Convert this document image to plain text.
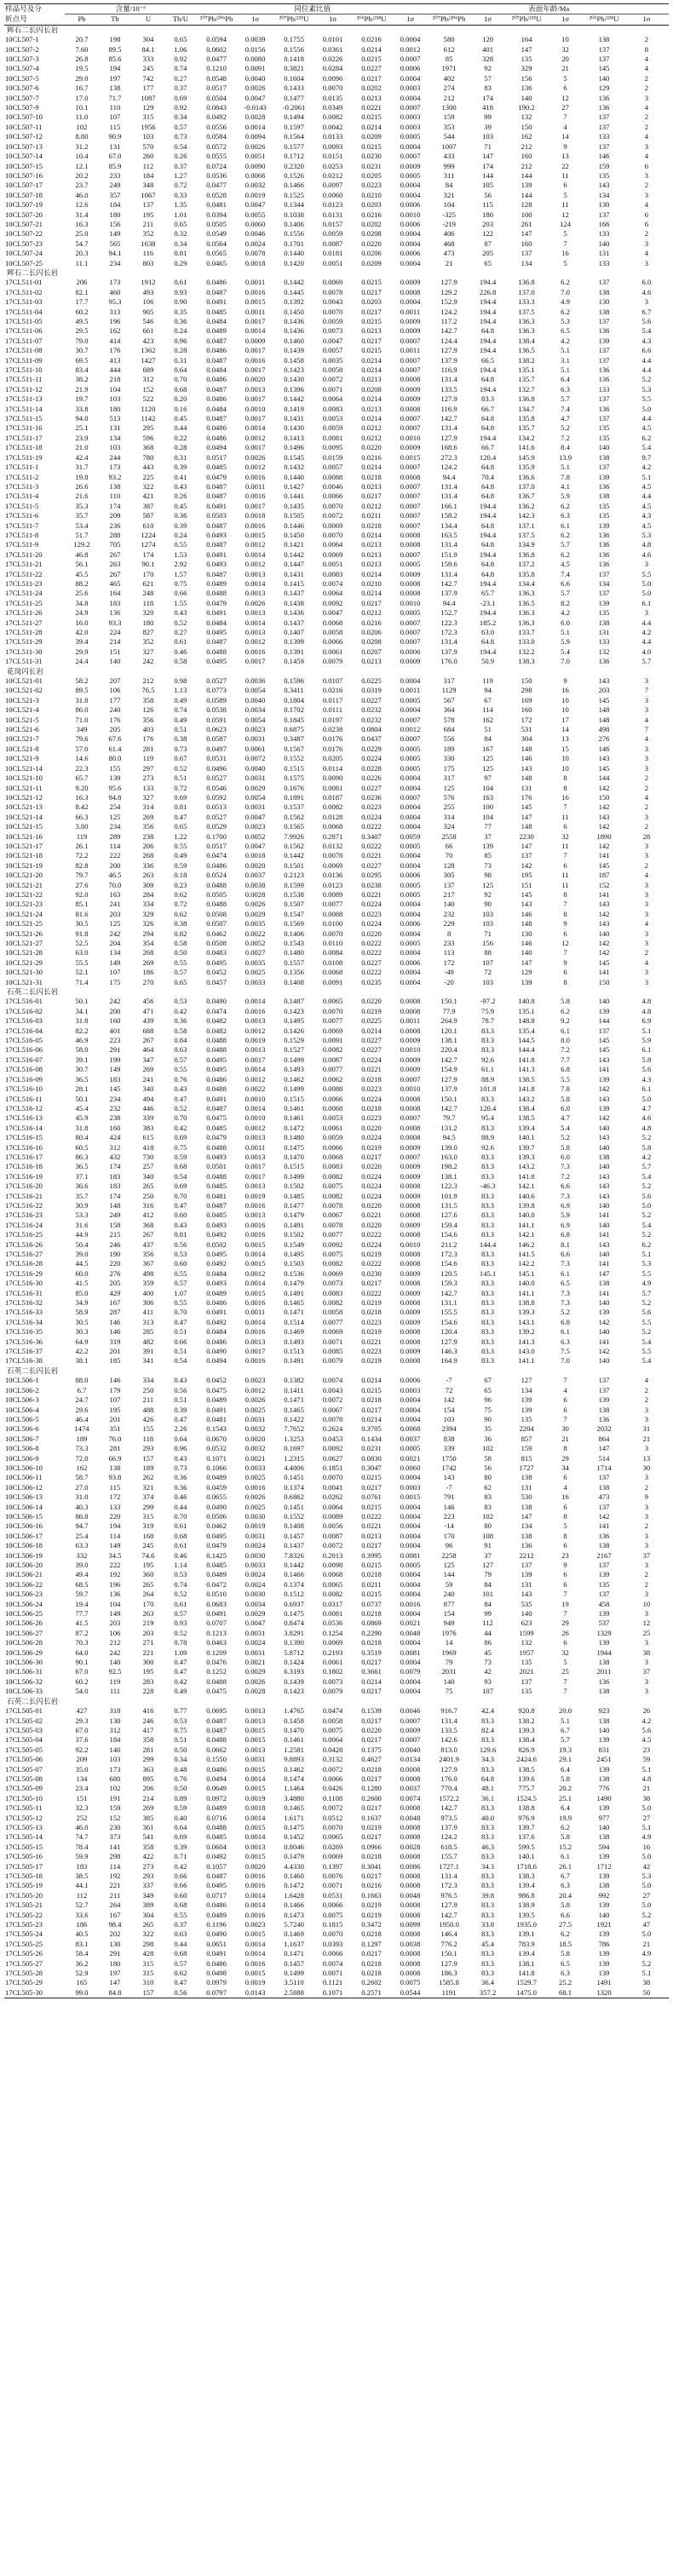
样品号及分	含量/10⁻⁶				同位素比值						表面年龄/Ma					
析点号	Pb	Th	U	Th/U	²⁰⁷Pb/²⁰⁶Pb	1σ	²⁰⁷Pb/²³⁵U	1σ	²⁰⁶Pb/²³⁸U	1σ	²⁰⁷Pb/²⁰⁶Pb	1σ	²⁰⁷Pb/²³⁵U	1σ	²⁰⁶Pb/²³⁸U	1σ
辉石二长闪长岩																
10CL507-1	20.7	198	304	0.65	0.0594	0.0039	0.1755	0.0101	0.0216	0.0004	580	120	164	10	138	2
10CL507-2	7.60	89.5	84.1	1.06	0.0602	0.0156	0.1556	0.0361	0.0214	0.0012	612	401	147	32	137	8
10CL507-3	26.8	85.6	333	0.92	0.0477	0.0080	0.1418	0.0226	0.0215	0.0007	85	328	135	20	137	4
10CL507-4	19.5	194	245	0.74	0.1210	0.0091	0.3821	0.0284	0.0227	0.0006	1971	92	329	21	145	4
10CL507-5	29.0	197	742	0.27	0.0548	0.0040	0.1604	0.0096	0.0217	0.0004	402	57	156	5	140	2
10CL507-6	16.7	138	177	0.37	0.0517	0.0026	0.1433	0.0070	0.0202	0.0003	274	83	136	6	129	2
10CL507-7	17.0	71.7	1087	0.69	0.0504	0.0047	0.1477	0.0135	0.0213	0.0004	212	174	140	12	136	3
10CL507-9	10.1	110	129	0.92	0.0843	-0.0143	-0.2061	0.0349	0.0221	0.0007	1300	418	190.2	27	136	4
10CL507-10	11.0	107	315	0.34	0.0492	0.0028	0.1494	0.0082	0.0215	0.0003	159	99	132	7	137	2
10CL507-11	102	115	1956	0.57	0.0556	0.0014	0.1597	0.0042	0.0214	0.0003	353	39	150	4	137	2
10CL507-12	8.80	90.9	103	0.73	0.0584	0.0094	0.1564	0.0133	0.0209	0.0005	544	103	162	14	133	4
10CL507-13	31.2	131	570	0.54	0.0572	0.0026	0.1577	0.0093	0.0215	0.0004	1007	71	212	9	137	3
10CL507-14	10.4	67.0	260	0.26	0.0555	0.0051	0.1712	0.0151	0.0230	0.0007	433	147	160	13	146	4
10CL507-15	12.1	85.9	112	0.37	0.0724	0.0090	0.2320	0.0253	0.0231	0.0009	999	174	212	22	159	6
10CL507-16	20.2	233	184	1.27	0.0536	0.0066	0.1526	0.0212	0.0205	0.0005	311	144	144	11	135	3
10CL507-17	23.7	249	348	0.72	0.0477	0.0032	0.1466	0.0097	0.0223	0.0004	84	105	139	6	143	2
10CL507-18	46.0	357	1067	0.33	0.0528	0.0019	0.1525	0.0060	0.0210	0.0004	321	56	144	5	134	3
10CL507-19	12.6	184	137	1.35	0.0481	0.0047	0.1344	0.0123	0.0203	0.0006	104	115	128	11	130	4
10CL507-20	31.4	180	195	1.01	0.0394	0.0055	0.1038	0.0131	0.0216	0.0010	-325	180	100	12	137	6
10CL507-21	16.3	156	211	0.65	0.0505	0.0060	0.1406	0.0157	0.0202	0.0006	-219	203	261	124	166	6
10CL507-22	25.0	149	352	0.32	0.0549	0.0046	0.1556	0.0059	0.0208	0.0004	406	122	147	5	133	2
10CL507-23	54.7	565	1638	0.34	0.0564	0.0024	0.1701	0.0087	0.0220	0.0004	468	87	160	7	140	3
10CL507-24	20.3	94.1	116	0.81	0.0565	0.0078	0.1440	0.0181	0.0206	0.0006	473	205	137	16	131	4
10CL507-25	11.1	234	803	0.29	0.0465	0.0018	0.1420	0.0051	0.0209	0.0004	21	65	134	5	133	3
辉石二长闪长岩																
17CL511-01	206	173	1912	0.61	0.0486	0.0011	0.1442	0.0069	0.0215	0.0009	127.9	194.4	136.8	6.2	137	6.0
17CL511-02	82.1	460	493	0.93	0.0487	0.0016	0.1445	0.0078	0.0217	0.0008	129.2	226.8	137.0	7.0	138	4.6
17CL511-03	17.7	95.3	106	0.90	0.0491	0.0015	0.1392	0.0043	0.0203	0.0004	152.9	194.4	133.3	4.9	130	3
17CL511-04	60.2	313	905	0.35	0.0485	0.0011	0.1450	0.0070	0.0217	0.0011	124.2	194.4	137.5	6.2	138	6.7
17CL511-05	49.5	196	546	0.36	0.0484	0.0017	0.1436	0.0059	0.0215	0.0009	117.2	194.4	136.3	5.3	137	5.6
17CL511-06	29.5	162	661	0.24	0.0489	0.0014	0.1436	0.0073	0.0213	0.0009	142.7	64.8	136.3	6.5	136	5.4
17CL511-07	79.0	414	423	0.96	0.0487	0.0009	0.1460	0.0047	0.0217	0.0007	124.4	194.4	138.4	4.2	139	4.3
17CL511-08	30.7	176	1362	0.28	0.0486	0.0017	0.1439	0.0057	0.0215	0.0011	127.9	194.4	136.5	5.1	137	6.6
17CL511-09	69.5	413	1427	0.31	0.0487	0.0016	0.1458	0.0035	0.0214	0.0007	137.9	66.5	138.2	3.1	137	4.4
17CL511-10	83.4	444	689	0.64	0.0484	0.0017	0.1423	0.0058	0.0214	0.0007	116.9	194.4	135.1	5.1	136	4.4
17CL511-11	38.2	218	312	0.70	0.0486	0.0020	0.1430	0.0072	0.0213	0.0008	131.4	64.8	135.7	6.4	136	5.2
17CL511-12	21.9	104	152	0.68	0.0487	0.0013	0.1396	0.0071	0.0208	0.0009	133.5	194.4	132.7	6.3	133	5.3
17CL511-13	19.7	103	522	0.20	0.0486	0.0017	0.1442	0.0064	0.0214	0.0009	127.9	83.3	136.8	5.7	137	5.5
17CL511-14	33.8	180	1120	0.16	0.0484	0.0010	0.1419	0.0083	0.0213	0.0008	116.9	66.7	134.7	7.4	136	5.0
17CL511-15	94.0	513	1142	0.45	0.0487	0.0017	0.1431	0.0053	0.0214	0.0007	142.7	64.8	135.8	4.7	137	4.4
17CL511-16	25.1	131	295	0.44	0.0486	0.0014	0.1430	0.0059	0.0212	0.0007	131.4	64.8	135.7	5.2	135	4.5
17CL511-17	23.9	134	596	0.22	0.0486	0.0012	0.1413	0.0081	0.0212	0.0010	127.9	194.4	134.2	7.2	135	6.2
17CL511-18	21.0	103	368	0.28	0.0494	0.0017	0.1496	0.0095	0.0220	0.0009	168.6	66.7	141.6	8.4	140	5.4
17CL511-19	42.4	244	780	0.31	0.0517	0.0026	0.1545	0.0159	0.0216	0.0015	272.3	120.4	145.9	13.9	138	9.7
17CL511-1	31.7	173	443	0.39	0.0485	0.0012	0.1432	0.0057	0.0214	0.0007	124.2	64.8	135.9	5.1	137	4.2
17CL511-2	19.8	93.2	225	0.41	0.0479	0.0016	0.1440	0.0088	0.0218	0.0008	94.4	70.4	136.6	7.8	139	5.1
17CL511-3	26.6	138	322	0.43	0.0487	0.0011	0.1427	0.0046	0.0213	0.0007	131.4	64.8	137.0	4.1	136	4.5
17CL511-4	21.6	110	421	0.26	0.0487	0.0016	0.1441	0.0066	0.0217	0.0007	131.4	64.8	136.7	5.9	138	4.4
17CL511-5	35.3	174	387	0.45	0.0491	0.0017	0.1435	0.0070	0.0212	0.0007	166.1	194.4	136.2	6.2	135	4.5
17CL511-6	35.7	209	587	0.36	0.0503	0.0018	0.1505	0.0072	0.0211	0.0007	158.2	194.4	142.3	6.3	135	4.3
17CL511-7	53.4	236	610	0.39	0.0487	0.0016	0.1446	0.0069	0.0218	0.0007	134.4	64.8	137.1	6.1	139	4.5
17CL511-8	51.7	288	1224	0.24	0.0493	0.0015	0.1450	0.0070	0.0214	0.0008	163.5	194.4	137.5	6.2	136	5.3
17CL511-9	129.2	705	1274	0.55	0.0487	0.0012	0.1421	0.0064	0.0213	0.0008	131.4	64.8	134.9	5.7	136	4.8
17CL511-20	46.8	267	174	1.53	0.0491	0.0014	0.1442	0.0069	0.0213	0.0007	151.9	194.4	136.8	6.2	136	4.6
17CL511-21	56.1	263	90.1	2.92	0.0493	0.0012	0.1447	0.0051	0.0213	0.0005	159.6	64.8	137.2	4.5	136	3
17CL511-22	45.5	267	170	1.57	0.0487	0.0013	0.1431	0.0083	0.0214	0.0009	131.4	64.8	135.8	7.4	137	5.5
17CL511-23	88.2	465	621	0.75	0.0489	0.0014	0.1415	0.0074	0.0210	0.0008	142.7	194.4	134.4	6.6	134	5.0
17CL511-24	25.6	164	248	0.66	0.0488	0.0013	0.1437	0.0064	0.0214	0.0008	137.9	65.7	136.3	5.7	137	5.0
17CL511-25	34.8	183	118	1.55	0.0479	0.0026	0.1438	0.0092	0.0217	0.0010	94.4	-23.1	136.5	8.2	139	6.1
17CL511-26	24.9	136	320	0.43	0.0491	0.0013	0.1436	0.0047	0.0212	0.0005	152.7	194.4	136.3	4.2	135	3
17CL511-27	16.0	93.3	180	0.52	0.0484	0.0014	0.1437	0.0068	0.0216	0.0007	122.3	185.2	136.3	6.0	138	4.4
17CL511-28	42.0	224	827	0.27	0.0495	0.0013	0.1407	0.0058	0.0206	0.0007	172.3	63.0	133.7	5.1	131	4.2
17CL511-29	39.4	214	352	0.61	0.0487	0.0012	0.1399	0.0066	0.0208	0.0007	131.4	64.8	133.0	5.9	133	4.4
17CL511-30	29.9	151	327	0.46	0.0488	0.0016	0.1391	0.0061	0.0207	0.0006	137.9	194.4	132.2	5.4	132	4.0
17CL511-31	24.4	140	242	0.58	0.0495	0.0017	0.1459	0.0079	0.0213	0.0009	176.0	50.9	138.3	7.0	136	5.7
花岗闪长岩																
10CL521-01	58.2	207	212	0.98	0.0527	0.0036	0.1596	0.0107	0.0225	0.0004	317	119	150	9	143	3
10CL521-02	89.5	106	76.5	1.13	0.0773	0.0054	0.3411	0.0216	0.0319	0.0011	1129	94	298	16	203	7
10CL521-3	31.8	177	358	0.49	0.0589	0.0040	0.1804	0.0117	0.0227	0.0005	567	67	169	10	145	3
10CL521-4	86.0	240	126	0.74	0.0538	0.0034	0.1702	0.0111	0.0232	0.0004	364	114	160	10	148	3
10CL521-5	71.0	176	356	0.49	0.0591	0.0054	0.1845	0.0197	0.0232	0.0007	578	162	172	17	148	4
10CL521-6	349	205	403	0.51	0.0623	0.0023	0.6875	0.0238	0.0804	0.0012	684	51	531	14	498	7
10CL521-7	79.6	67.6	176	0.38	0.0587	0.0031	0.3487	0.0176	0.0437	0.0007	556	84	304	13	276	4
10CL521-8	57.0	61.4	281	0.73	0.0497	0.0061	0.1567	0.0176	0.0229	0.0005	189	167	148	15	146	3
10CL521-9	14.6	80.0	119	0.67	0.0531	0.0072	0.1552	0.0205	0.0224	0.0005	330	125	146	10	143	3
10CL521-14	22.3	155	297	0.52	0.0496	0.0040	0.1515	0.0114	0.0228	0.0005	175	125	143	10	145	3
10CL521-10	65.7	139	273	0.51	0.0527	0.0031	0.1575	0.0090	0.0226	0.0004	317	97	148	8	144	2
10CL521-11	9.20	95.6	133	0.72	0.0546	0.0029	0.1676	0.0081	0.0227	0.0004	125	104	131	8	142	2
10CL521-12	16.3	94.8	327	0.69	0.0592	0.0054	0.1891	0.0187	0.0236	0.0007	576	163	176	16	150	4
10CL521-13	8.42	254	314	0.81	0.0513	0.0031	0.1537	0.0082	0.0223	0.0004	255	100	145	7	142	2
10CL521-14	66.3	125	269	0.47	0.0527	0.0047	0.1562	0.0128	0.0224	0.0004	314	104	147	11	143	3
10CL521-15	3.80	234	356	0.65	0.0529	0.0023	0.1565	0.0068	0.0222	0.0004	324	77	148	6	142	2
10CL521-16	119	289	238	1.22	0.1700	0.0052	7.9926	0.2871	0.3407	0.0059	2558	37	2230	32	1890	28
10CL521-17	26.1	114	206	0.55	0.0517	0.0047	0.1562	0.0132	0.0222	0.0005	66	139	147	11	142	3
10CL521-18	72.2	222	268	0.49	0.0474	0.0018	0.1442	0.0078	0.0221	0.0004	70	85	137	7	141	3
10CL521-19	82.8	200	336	0.59	0.0486	0.0020	0.1501	0.0069	0.0227	0.0004	128	73	142	6	145	2
10CL521-20	79.7	46.5	263	0.18	0.0524	0.0037	0.2123	0.0136	0.0295	0.0006	305	98	195	11	187	4
10CL521-21	27.6	70.0	309	0.23	0.0488	0.0038	0.1599	0.0123	0.0238	0.0005	137	125	151	11	152	3
10CL521-22	92.0	163	284	0.62	0.0505	0.0028	0.1538	0.0089	0.0221	0.0005	217	92	145	8	141	3
10CL521-23	85.1	241	334	0.72	0.0488	0.0026	0.1507	0.0077	0.0224	0.0004	140	90	143	7	143	3
10CL521-24	81.6	203	329	0.62	0.0508	0.0029	0.1547	0.0088	0.0223	0.0004	232	103	146	8	142	3
10CL521-25	30.5	125	326	0.38	0.0507	0.0035	0.1569	0.0100	0.0224	0.0006	229	103	148	9	143	4
10CL521-26	91.8	242	294	0.82	0.0462	0.0022	0.1406	0.0070	0.0220	0.0004	8	71	130	6	140	3
10CL521-27	52.5	204	354	0.58	0.0508	0.0052	0.1543	0.0110	0.0222	0.0005	233	156	146	12	142	3
10CL521-28	63.0	134	268	0.50	0.0483	0.0027	0.1480	0.0084	0.0222	0.0004	113	88	140	7	142	2
10CL521-29	55.5	149	269	0.55	0.0495	0.0035	0.1557	0.0108	0.0227	0.0006	172	107	147	9	145	4
10CL521-30	52.1	107	186	0.57	0.0452	0.0025	0.1356	0.0068	0.0222	0.0004	-49	72	129	6	141	3
10CL521-31	71.4	175	270	0.65	0.0457	0.0033	0.1408	0.0091	0.0235	0.0004	-20	103	139	8	150	3
石英二长闪长岩																
17CL516-01	50.1	242	456	0.53	0.0490	0.0014	0.1487	0.0065	0.0220	0.0008	150.1	-97.2	140.8	5.8	140	4.8
17CL516-02	34.1	200	471	0.42	0.0474	0.0016	0.1423	0.0070	0.0219	0.0008	77.9	75.9	135.1	6.2	139	4.8
17CL516-03	31.8	160	439	0.36	0.0482	0.0013	0.1495	0.0077	0.0225	0.0011	264.9	78.7	148.8	9.2	144	6.9
17CL516-04	82.2	401	688	0.58	0.0482	0.0012	0.1426	0.0069	0.0214	0.0008	120.1	83.3	135.4	6.1	137	5.1
17CL516-05	46.9	223	267	0.84	0.0488	0.0019	0.1529	0.0091	0.0227	0.0009	138.1	83.3	144.5	8.0	145	5.9
17CL516-06	58.0	291	464	0.63	0.0488	0.0013	0.1527	0.0082	0.0227	0.0010	220.4	83.3	144.4	7.2	145	6.1
17CL516-07	39.1	199	347	0.57	0.0495	0.0017	0.1499	0.0087	0.0224	0.0009	142.7	92.6	141.8	7.7	143	5.8
17CL516-08	30.7	149	269	0.55	0.0495	0.0014	0.1493	0.0077	0.0221	0.0009	154.9	61.1	141.3	6.8	141	5.6
17CL516-09	36.5	183	241	0.76	0.0486	0.0012	0.1462	0.0062	0.0218	0.0007	127.9	88.9	138.5	5.5	139	4.3
17CL516-10	28.1	145	340	0.43	0.0488	0.0022	0.1499	0.0088	0.0223	0.0010	137.9	101.8	141.8	7.8	142	6.1
17CL516-11	50.1	234	494	0.47	0.0491	0.0010	0.1515	0.0066	0.0224	0.0008	150.1	83.3	143.2	5.8	143	5.0
17CL516-12	45.4	232	446	0.52	0.0487	0.0014	0.1461	0.0068	0.0218	0.0008	142.7	120.4	138.4	6.0	139	4.7
17CL516-13	45.9	238	339	0.70	0.0475	0.0010	0.1461	0.0053	0.0223	0.0007	79.7	95.4	138.5	4.7	142	4.6
17CL516-14	31.8	160	383	0.42	0.0485	0.0012	0.1472	0.0061	0.0220	0.0008	131.2	83.3	139.4	5.4	140	4.8
17CL516-15	80.4	424	615	0.69	0.0479	0.0013	0.1480	0.0059	0.0224	0.0008	94.5	88.9	140.1	5.2	143	5.2
17CL516-16	60.5	312	418	0.75	0.0488	0.0011	0.1475	0.0066	0.0219	0.0009	139.0	92.6	139.7	5.8	140	5.8
17CL516-17	86.3	432	730	0.59	0.0493	0.0013	0.1470	0.0068	0.0217	0.0007	163.0	83.3	139.3	6.0	138	4.2
17CL516-18	36.5	174	257	0.68	0.0501	0.0017	0.1515	0.0083	0.0220	0.0009	198.2	83.3	143.2	7.3	140	5.7
17CL516-19	37.1	183	340	0.54	0.0488	0.0017	0.1499	0.0082	0.0224	0.0009	138.1	83.3	141.8	7.2	143	5.4
17CL516-20	36.6	183	265	0.69	0.0485	0.0013	0.1502	0.0075	0.0224	0.0008	122.3	-46.3	142.1	6.6	143	5.2
17CL516-21	35.7	174	250	0.70	0.0481	0.0019	0.1485	0.0082	0.0224	0.0009	101.9	83.3	140.6	7.3	143	5.6
17CL516-22	30.9	148	316	0.47	0.0487	0.0016	0.1477	0.0078	0.0220	0.0008	131.5	83.3	139.8	6.9	140	5.0
17CL516-23	53.3	249	412	0.60	0.0485	0.0013	0.1479	0.0067	0.0221	0.0008	127.6	83.3	140.0	5.9	141	5.2
17CL516-24	31.6	158	368	0.43	0.0493	0.0016	0.1491	0.0078	0.0220	0.0009	159.4	83.3	141.1	6.9	140	5.4
17CL516-25	44.9	215	267	0.81	0.0492	0.0016	0.1502	0.0077	0.0222	0.0008	154.6	83.3	142.1	6.8	141	5.2
17CL516-26	50.4	246	437	0.56	0.0502	0.0015	0.1549	0.0092	0.0224	0.0010	211.2	144.4	146.2	8.1	143	6.2
17CL516-27	39.0	190	356	0.53	0.0495	0.0014	0.1495	0.0075	0.0219	0.0008	172.3	83.3	141.5	6.6	140	5.1
17CL516-28	44.5	220	367	0.60	0.0492	0.0015	0.1503	0.0082	0.0222	0.0008	154.6	83.3	142.2	7.3	141	5.3
17CL516-29	60.0	276	498	0.55	0.0484	0.0012	0.1536	0.0069	0.0230	0.0009	120.5	145.1	145.1	6.1	147	5.5
17CL516-30	41.5	205	359	0.57	0.0493	0.0014	0.1479	0.0073	0.0217	0.0008	159.3	83.3	140.0	6.5	138	4.9
17CL516-31	85.0	429	400	1.07	0.0489	0.0015	0.1491	0.0083	0.0222	0.0009	142.7	83.3	141.1	7.3	141	5.7
17CL516-32	34.9	167	306	0.55	0.0486	0.0016	0.1465	0.0082	0.0219	0.0008	131.1	83.3	138.8	7.3	140	5.2
17CL516-33	58.9	287	411	0.70	0.0491	0.0011	0.1471	0.0058	0.0218	0.0009	155.5	83.3	139.3	5.2	139	5.6
17CL516-34	30.5	146	313	0.47	0.0492	0.0014	0.1514	0.0077	0.0223	0.0009	154.6	83.3	143.1	6.8	142	5.5
17CL516-35	30.3	146	285	0.51	0.0484	0.0016	0.1469	0.0069	0.0219	0.0008	120.4	83.3	139.2	6.1	140	5.2
17CL516-36	64.9	319	482	0.66	0.0486	0.0013	0.1493	0.0071	0.0221	0.0008	127.9	83.3	141.3	6.3	141	5.4
17CL516-37	42.2	201	391	0.51	0.0490	0.0017	0.1513	0.0085	0.0223	0.0009	146.3	83.3	143.0	7.5	142	5.5
17CL516-38	38.1	185	341	0.54	0.0494	0.0016	0.1491	0.0079	0.0219	0.0008	164.9	83.3	141.1	7.0	140	5.4
石英二长闪长岩																
10CL506-1	88.0	146	334	0.43	0.0452	0.0023	0.1382	0.0074	0.0214	0.0006	-7	67	127	7	137	4
10CL506-2	6.7	179	250	0.56	0.0475	0.0012	0.1411	0.0043	0.0215	0.0003	72	65	134	4	137	2
10CL506-3	24.7	107	211	0.51	0.0489	0.0026	0.1471	0.0072	0.0218	0.0004	142	96	139	6	139	2
10CL506-4	29.6	195	488	0.39	0.0491	0.0025	0.1465	0.0067	0.0217	0.0004	154	75	139	6	138	3
10CL506-5	46.4	201	426	0.47	0.0481	0.0031	0.1422	0.0078	0.0214	0.0004	103	90	135	7	136	3
10CL506-6	1474	351	155	2.26	0.1543	0.0032	7.7652	0.2624	0.3705	0.0068	2394	35	2204	30	2032	31
10CL506-7	189	76.0	118	0.64	0.0670	0.0020	1.3253	0.0453	0.1434	0.0037	838	36	857	21	864	21
10CL506-8	73.3	281	293	0.96	0.0532	0.0032	0.1697	0.0092	0.0231	0.0005	339	102	159	8	147	3
10CL506-9	72.0	66.9	157	0.43	0.1071	0.0021	1.2315	0.0627	0.0830	0.0021	1750	58	815	29	514	13
10CL506-10	162	138	189	0.73	0.1066	0.0033	4.4806	0.1851	0.3047	0.0060	1742	56	1727	34	1714	30
10CL506-11	58.7	93.8	262	0.36	0.0489	0.0025	0.1451	0.0070	0.0215	0.0004	143	80	138	6	137	3
10CL506-12	27.0	115	321	0.36	0.0459	0.0016	0.1374	0.0041	0.0217	0.0003	-7	62	131	4	138	2
10CL506-13	31.0	172	374	0.46	0.0655	0.0026	0.6862	0.0262	0.0761	0.0015	791	83	530	16	473	9
10CL506-14	40.3	133	299	0.44	0.0490	0.0025	0.1451	0.0064	0.0215	0.0004	146	83	138	6	137	3
10CL506-15	86.8	220	315	0.70	0.0506	0.0030	0.1552	0.0089	0.0222	0.0004	223	102	147	8	142	3
10CL506-16	94.7	194	319	0.61	0.0462	0.0019	0.1408	0.0056	0.0221	0.0004	-14	80	134	5	141	2
10CL506-17	25.4	114	168	0.68	0.0495	0.0031	0.1457	0.0087	0.0213	0.0004	170	108	138	8	136	3
10CL506-18	63.3	149	245	0.61	0.0479	0.0024	0.1437	0.0072	0.0217	0.0004	96	91	136	6	138	3
10CL506-19	332	34.5	74.6	0.46	0.1425	0.0030	7.8326	0.2013	0.3995	0.0081	2258	37	2212	23	2167	37
10CL506-20	39.0	222	195	1.14	0.0485	0.0033	0.1442	0.0098	0.0215	0.0005	125	127	137	9	137	3
10CL506-21	49.4	192	360	0.53	0.0489	0.0024	0.1466	0.0068	0.0218	0.0004	144	79	139	6	139	2
10CL506-22	68.5	196	265	0.74	0.0472	0.0024	0.1374	0.0065	0.0211	0.0004	59	84	131	6	135	2
10CL506-23	59.7	136	264	0.52	0.0510	0.0030	0.1512	0.0082	0.0215	0.0004	240	101	143	7	137	3
10CL506-24	19.4	104	170	0.61	0.0683	0.0034	0.6937	0.0317	0.0737	0.0016	877	84	535	19	458	10
10CL506-25	77.7	149	263	0.57	0.0491	0.0029	0.1475	0.0081	0.0218	0.0004	154	99	140	7	139	3
10CL506-26	41.5	203	219	0.93	0.0707	0.0047	0.8474	0.0536	0.0869	0.0021	949	112	623	29	537	12
10CL506-27	87.2	106	203	0.52	0.1213	0.0031	3.8291	0.1254	0.2290	0.0048	1976	44	1599	26	1329	25
10CL506-28	70.3	212	271	0.78	0.0463	0.0024	0.1390	0.0069	0.0218	0.0004	14	86	132	6	139	3
10CL506-29	64.0	242	221	1.09	0.1209	0.0031	5.8712	0.2193	0.3519	0.0081	1969	45	1957	32	1944	38
10CL506-30	90.1	140	300	0.47	0.0476	0.0021	0.1424	0.0061	0.0217	0.0004	79	73	135	5	138	3
10CL506-31	67.0	92.5	195	0.47	0.1252	0.0029	6.3193	0.1802	0.3661	0.0079	2031	42	2021	25	2011	37
10CL506-32	60.2	119	283	0.42	0.0488	0.0026	0.1439	0.0073	0.0214	0.0004	140	93	137	7	136	3
10CL506-33	54.0	111	228	0.49	0.0475	0.0028	0.1423	0.0079	0.0217	0.0004	75	107	135	7	138	3
石英二长闪长岩																
17CL505-01	427	318	416	0.77	0.0695	0.0013	1.4765	0.0474	0.1539	0.0046	916.7	42.4	920.8	20.0	923	26
17CL505-02	29.3	130	246	0.53	0.0487	0.0013	0.1458	0.0058	0.0217	0.0007	131.4	83.3	138.2	5.1	138	4.2
17CL505-03	67.0	312	417	0.75	0.0487	0.0015	0.1470	0.0075	0.0220	0.0009	133.5	82.4	139.3	6.7	140	5.6
17CL505-04	37.6	184	358	0.51	0.0488	0.0015	0.1461	0.0064	0.0217	0.0007	142.6	83.3	138.4	5.7	139	4.5
17CL505-05	92.2	140	281	0.50	0.0662	0.0013	1.2581	0.0428	0.1375	0.0040	813.0	129.6	826.9	19.3	831	23
17CL505-06	209	103	299	0.34	0.1550	0.0031	9.8893	0.3132	0.4627	0.0134	2401.9	34.3	2424.6	29.1	2451	59
17CL505-07	35.0	173	363	0.48	0.0486	0.0015	0.1462	0.0072	0.0218	0.0008	127.9	83.3	138.5	6.4	139	5.1
17CL505-08	134	680	895	0.76	0.0494	0.0014	0.1474	0.0066	0.0217	0.0008	176.0	64.8	139.6	5.8	138	4.8
17CL505-09	23.4	102	206	0.50	0.0649	0.0015	1.1464	0.0426	0.1280	0.0037	770.4	48.1	775.7	20.2	776	21
17CL505-10	151	191	214	0.89	0.0972	0.0019	3.4880	0.1108	0.2600	0.0074	1572.2	36.1	1524.5	25.1	1490	38
17CL505-11	32.3	159	269	0.59	0.0489	0.0018	0.1465	0.0072	0.0217	0.0008	142.7	83.3	138.8	6.4	139	5.0
17CL505-12	252	152	385	0.40	0.0716	0.0014	1.6171	0.0512	0.1637	0.0048	973.5	40.0	976.9	19.9	977	27
17CL505-13	46.0	230	361	0.64	0.0488	0.0015	0.1475	0.0070	0.0219	0.0008	137.9	83.3	139.7	6.2	140	5.1
17CL505-14	74.7	373	541	0.69	0.0485	0.0014	0.1452	0.0065	0.0217	0.0008	124.2	83.3	137.6	5.8	138	4.9
17CL505-15	78.4	141	358	0.39	0.0604	0.0013	0.8046	0.0269	0.0966	0.0028	618.5	46.3	599.5	15.2	594	16
17CL505-16	59.9	298	422	0.71	0.0492	0.0015	0.1479	0.0069	0.0218	0.0008	155.7	83.3	140.1	6.1	139	5.0
17CL505-17	183	114	273	0.42	0.1057	0.0020	4.4330	0.1397	0.3041	0.0086	1727.1	34.3	1718.6	26.1	1712	42
17CL505-18	38.5	192	293	0.66	0.0487	0.0016	0.1460	0.0076	0.0217	0.0008	131.4	83.3	138.3	6.7	139	5.3
17CL505-19	44.1	221	337	0.66	0.0495	0.0016	0.1472	0.0071	0.0216	0.0008	172.3	83.3	139.4	6.3	138	5.0
17CL505-20	112	211	349	0.60	0.0717	0.0014	1.6428	0.0531	0.1663	0.0048	976.5	39.8	986.8	20.4	992	27
17CL505-21	52.7	264	389	0.68	0.0486	0.0014	0.1466	0.0066	0.0219	0.0008	127.9	83.3	138.9	5.8	139	5.0
17CL505-22	33.6	167	304	0.55	0.0489	0.0016	0.1473	0.0075	0.0219	0.0008	142.7	83.3	139.5	6.6	140	5.2
17CL505-23	186	98.4	265	0.37	0.1196	0.0023	5.7240	0.1815	0.3472	0.0099	1950.0	33.8	1935.0	27.5	1921	47
17CL505-24	40.5	202	322	0.63	0.0490	0.0015	0.1469	0.0070	0.0218	0.0008	146.4	83.3	139.1	6.2	139	5.0
17CL505-25	83.1	130	298	0.44	0.0651	0.0014	1.1637	0.0393	0.1297	0.0038	776.2	45.4	783.9	18.5	786	21
17CL505-26	58.4	291	428	0.68	0.0491	0.0014	0.1471	0.0066	0.0217	0.0008	150.1	83.3	139.4	5.8	139	4.9
17CL505-27	36.2	180	315	0.57	0.0486	0.0016	0.1457	0.0074	0.0218	0.0008	127.9	83.3	138.1	6.5	139	5.2
17CL505-28	52.9	197	315	0.62	0.0498	0.0015	0.1499	0.0071	0.0218	0.0008	186.3	83.3	141.8	6.3	139	5.1
17CL505-29	165	147	310	0.47	0.0979	0.0019	3.5110	0.1121	0.2602	0.0075	1585.8	36.4	1529.7	25.2	1491	38
17CL505-30	99.0	84.8	157	0.56	0.0797	0.0143	2.5888	0.1071	0.2571	0.0544	1191	357.2	1475.0	68.1	1320	50
